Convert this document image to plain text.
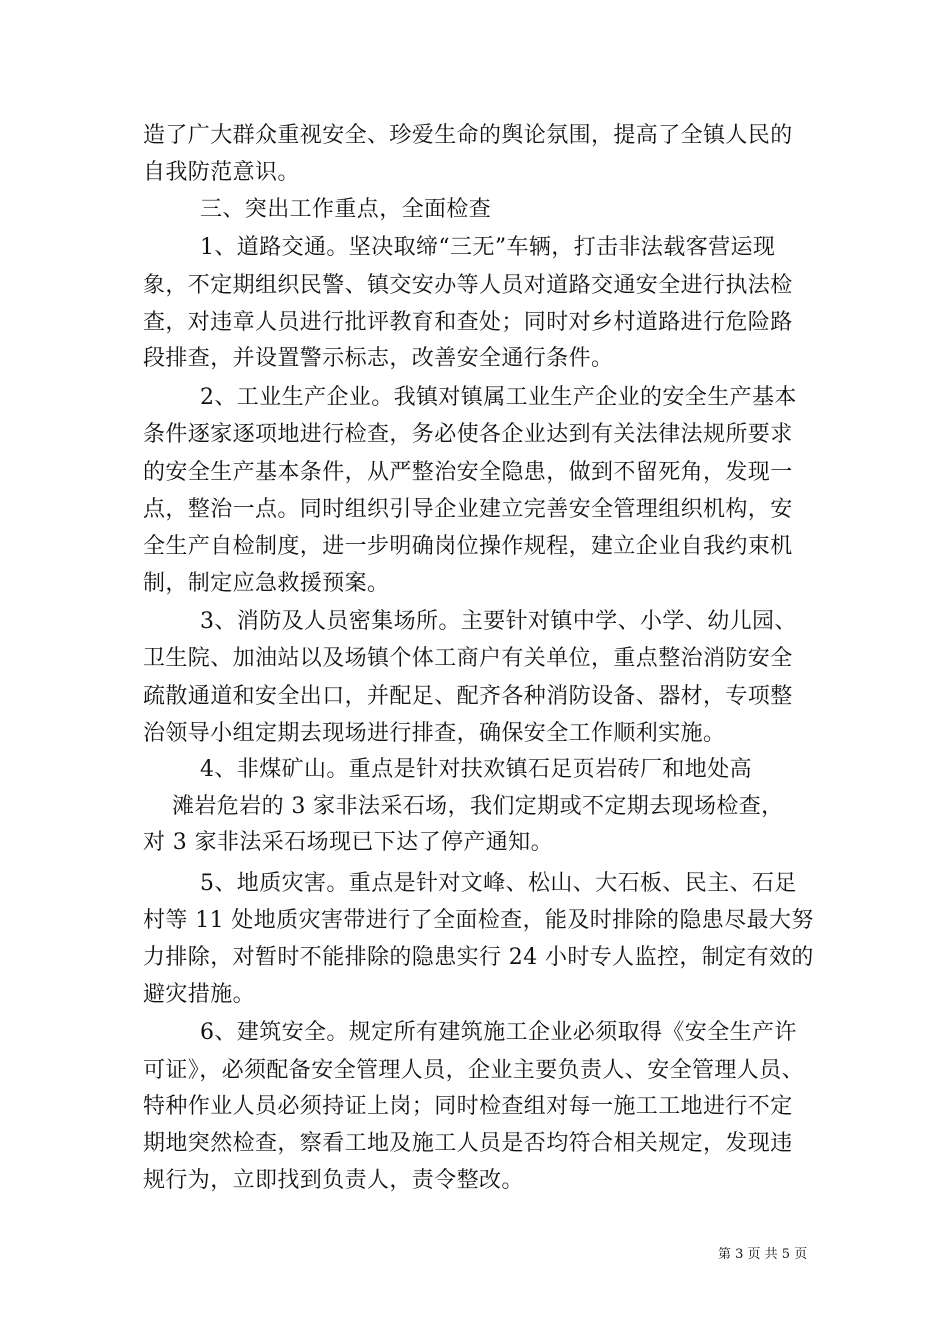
造了广大群众重视安全、珍爱生命的舆论氛围，提高了全镇人民的
自我防范意识。
三、突出工作重点，全面检查
1、道路交通。坚决取缔“三无”车辆，打击非法载客营运现
象，不定期组织民警、镇交安办等人员对道路交通安全进行执法检
查，对违章人员进行批评教育和查处；同时对乡村道路进行危险路
段排查，并设置警示标志，改善安全通行条件。
2、工业生产企业。我镇对镇属工业生产企业的安全生产基本
条件逐家逐项地进行检查，务必使各企业达到有关法律法规所要求
的安全生产基本条件，从严整治安全隐患，做到不留死角，发现一
点，整治一点。同时组织引导企业建立完善安全管理组织机构，安
全生产自检制度，进一步明确岗位操作规程，建立企业自我约束机
制，制定应急救援预案。
3、消防及人员密集场所。主要针对镇中学、小学、幼儿园、
卫生院、加油站以及场镇个体工商户有关单位，重点整治消防安全
疏散通道和安全出口，并配足、配齐各种消防设备、器材，专项整
治领导小组定期去现场进行排查，确保安全工作顺利实施。
4、非煤矿山。重点是针对扶欢镇石足页岩砖厂和地处高
滩岩危岩的 3 家非法采石场，我们定期或不定期去现场检查，
对 3 家非法采石场现已下达了停产通知。
5、地质灾害。重点是针对文峰、松山、大石板、民主、石足
村等 11 处地质灾害带进行了全面检查，能及时排除的隐患尽最大努
力排除，对暂时不能排除的隐患实行 24 小时专人监控，制定有效的
避灾措施。
6、建筑安全。规定所有建筑施工企业必须取得《安全生产许
可证》，必须配备安全管理人员，企业主要负责人、安全管理人员、
特种作业人员必须持证上岗；同时检查组对每一施工工地进行不定
期地突然检查，察看工地及施工人员是否均符合相关规定，发现违
规行为，立即找到负责人，责令整改。
第 3 页 共 5 页
